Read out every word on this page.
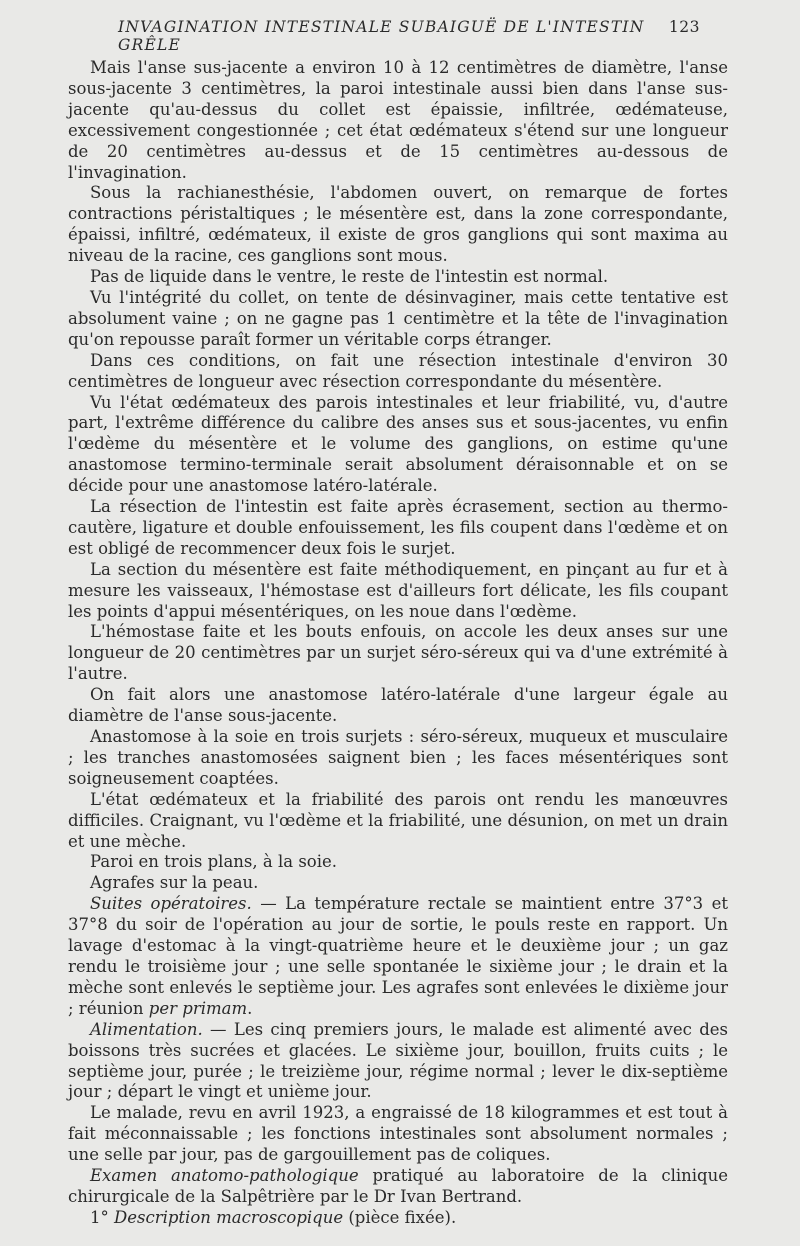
INVAGINATION INTESTINALE SUBAIGUË DE L'INTESTIN GRÊLE
123

Mais l'anse sus-jacente a environ 10 à 12 centimètres de diamètre, l'anse sous-jacente 3 centimètres, la paroi intestinale aussi bien dans l'anse sus-jacente qu'au-dessus du collet est épaissie, infiltrée, œdémateuse, excessivement congestionnée ; cet état œdémateux s'étend sur une longueur de 20 centimètres au-dessus et de 15 centimètres au-dessous de l'invagination.

Sous la rachianesthésie, l'abdomen ouvert, on remarque de fortes contractions péristaltiques ; le mésentère est, dans la zone correspondante, épaissi, infiltré, œdémateux, il existe de gros ganglions qui sont maxima au niveau de la racine, ces ganglions sont mous.

Pas de liquide dans le ventre, le reste de l'intestin est normal.

Vu l'intégrité du collet, on tente de désinvaginer, mais cette tentative est absolument vaine ; on ne gagne pas 1 centimètre et la tête de l'invagination qu'on repousse paraît former un véritable corps étranger.

Dans ces conditions, on fait une résection intestinale d'environ 30 centimètres de longueur avec résection correspondante du mésentère.

Vu l'état œdémateux des parois intestinales et leur friabilité, vu, d'autre part, l'extrême différence du calibre des anses sus et sous-jacentes, vu enfin l'œdème du mésentère et le volume des ganglions, on estime qu'une anastomose termino-terminale serait absolument déraisonnable et on se décide pour une anastomose latéro-latérale.

La résection de l'intestin est faite après écrasement, section au thermo-cautère, ligature et double enfouissement, les fils coupent dans l'œdème et on est obligé de recommencer deux fois le surjet.

La section du mésentère est faite méthodiquement, en pinçant au fur et à mesure les vaisseaux, l'hémostase est d'ailleurs fort délicate, les fils coupant les points d'appui mésentériques, on les noue dans l'œdème.

L'hémostase faite et les bouts enfouis, on accole les deux anses sur une longueur de 20 centimètres par un surjet séro-séreux qui va d'une extrémité à l'autre.

On fait alors une anastomose latéro-latérale d'une largeur égale au diamètre de l'anse sous-jacente.

Anastomose à la soie en trois surjets : séro-séreux, muqueux et musculaire ; les tranches anastomosées saignent bien ; les faces mésentériques sont soigneusement coaptées.

L'état œdémateux et la friabilité des parois ont rendu les manœuvres difficiles. Craignant, vu l'œdème et la friabilité, une désunion, on met un drain et une mèche.

Paroi en trois plans, à la soie.

Agrafes sur la peau.

Suites opératoires. — La température rectale se maintient entre 37°3 et 37°8 du soir de l'opération au jour de sortie, le pouls reste en rapport. Un lavage d'estomac à la vingt-quatrième heure et le deuxième jour ; un gaz rendu le troisième jour ; une selle spontanée le sixième jour ; le drain et la mèche sont enlevés le septième jour. Les agrafes sont enlevées le dixième jour ; réunion per primam.

Alimentation. — Les cinq premiers jours, le malade est alimenté avec des boissons très sucrées et glacées. Le sixième jour, bouillon, fruits cuits ; le septième jour, purée ; le treizième jour, régime normal ; lever le dix-septième jour ; départ le vingt et unième jour.

Le malade, revu en avril 1923, a engraissé de 18 kilogrammes et est tout à fait méconnaissable ; les fonctions intestinales sont absolument normales ; une selle par jour, pas de gargouillement pas de coliques.

Examen anatomo-pathologique pratiqué au laboratoire de la clinique chirurgicale de la Salpêtrière par le Dr Ivan Bertrand.

1° Description macroscopique (pièce fixée).
